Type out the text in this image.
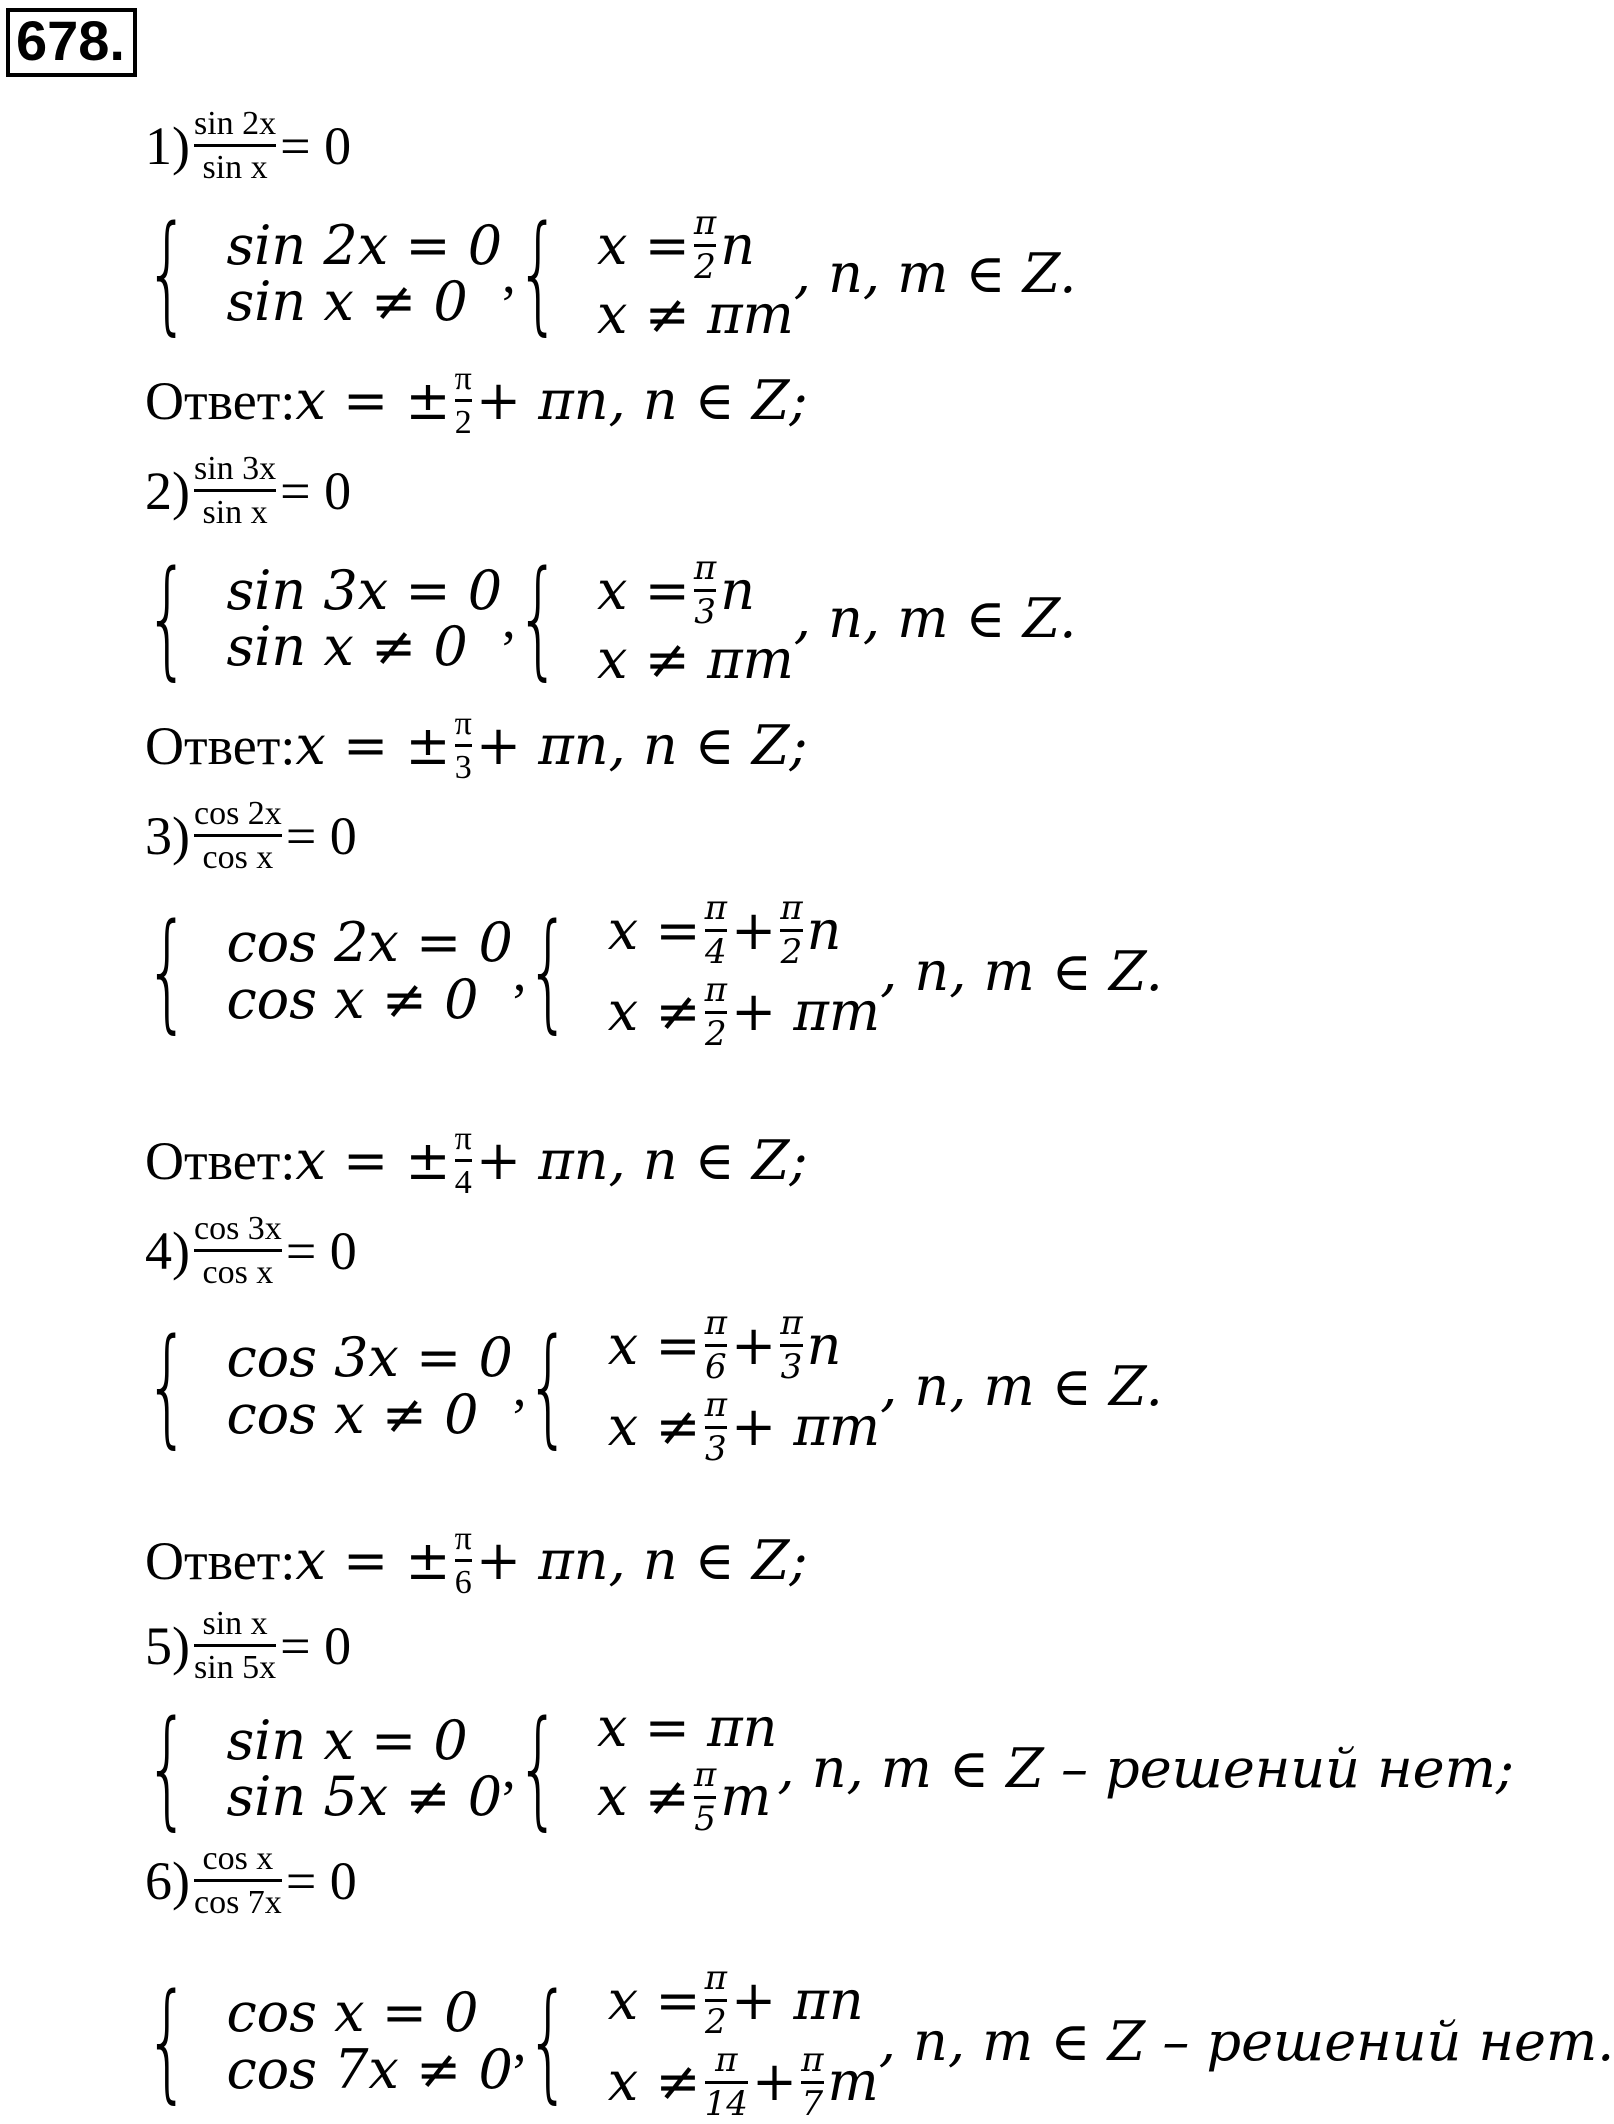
678.
1) sin 2x
sin x = 0
{ sin 2x = 0
sin x ≠ 0 , { x = π
2 n
x ≠ πm
, n, m ∈ Z.
Ответ: x = ± π
2 + πn, n ∈ Z;
2) sin 3x
sin x = 0
{ sin 3x = 0
sin x ≠ 0 , { x = π
3 n
x ≠ πm
, n, m ∈ Z.
Ответ: x = ± π
3 + πn, n ∈ Z;
3) cos 2x
cos x = 0
{ cos 2x = 0
cos x ≠ 0 , { x = π
4 + π
2 n
x ≠ π
2 + πm
, n, m ∈ Z.
Ответ: x = ± π
4 + πn, n ∈ Z;
4) cos 3x
cos x = 0
{ cos 3x = 0
cos x ≠ 0 , { x = π
6 + π
3 n
x ≠ π
3 + πm
, n, m ∈ Z.
Ответ: x = ± π
6 + πn, n ∈ Z;
5) sin x
sin 5x = 0
{ sin x = 0
sin 5x ≠ 0 , { x = πn
x ≠ π
5 m , n, m ∈ Z – решений нет;
6) cos x
cos 7x = 0
{ cos x = 0
cos 7x ≠ 0 , { x = π
2 + πn
x ≠ π
14 + π
7 m
, n, m ∈ Z – решений нет.
